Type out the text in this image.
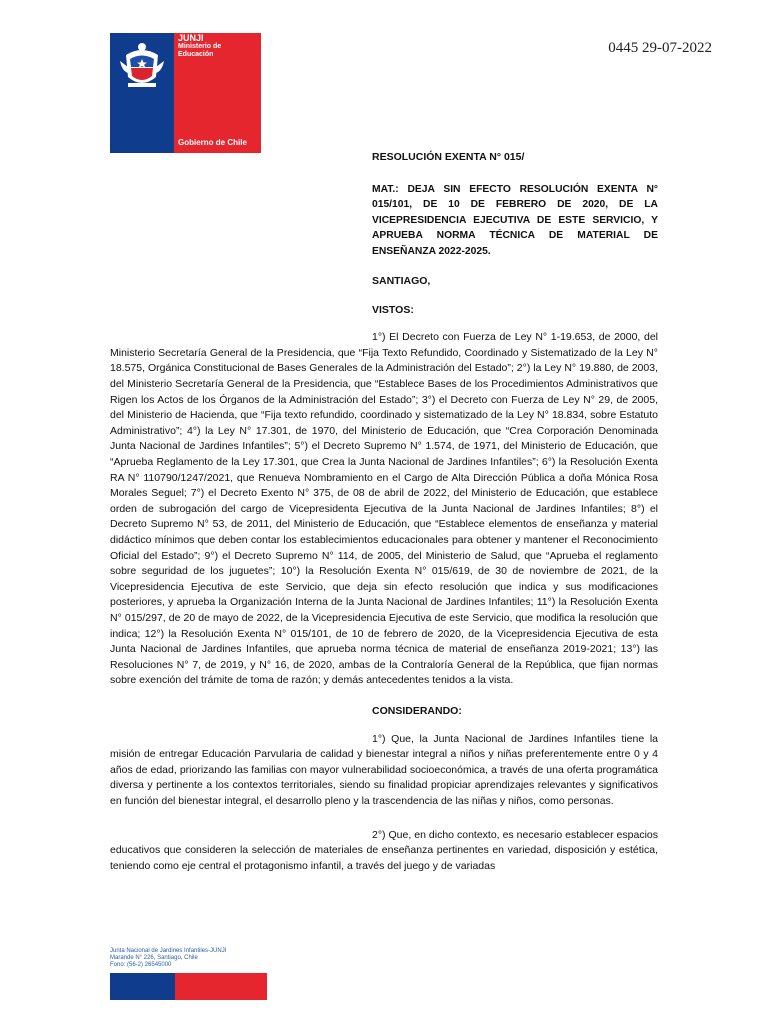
JUNJI
Ministerio de
Educación
Gobierno de Chile
0445 29-07-2022
RESOLUCIÓN EXENTA N° 015/
MAT.: DEJA SIN EFECTO RESOLUCIÓN EXENTA N° 015/101, DE 10 DE FEBRERO DE 2020, DE LA VICEPRESIDENCIA EJECUTIVA DE ESTE SERVICIO, Y APRUEBA NORMA TÉCNICA DE MATERIAL DE ENSEÑANZA 2022-2025.
SANTIAGO,
VISTOS:
1°) El Decreto con Fuerza de Ley N° 1-19.653, de 2000, del Ministerio Secretaría General de la Presidencia, que “Fija Texto Refundido, Coordinado y Sistematizado de la Ley N° 18.575, Orgánica Constitucional de Bases Generales de la Administración del Estado”; 2°) la Ley N° 19.880, de 2003, del Ministerio Secretaría General de la Presidencia, que “Establece Bases de los Procedimientos Administrativos que Rigen los Actos de los Órganos de la Administración del Estado”; 3°) el Decreto con Fuerza de Ley N° 29, de 2005, del Ministerio de Hacienda, que “Fija texto refundido, coordinado y sistematizado de la Ley N° 18.834, sobre Estatuto Administrativo”; 4°) la Ley N° 17.301, de 1970, del Ministerio de Educación, que “Crea Corporación Denominada Junta Nacional de Jardines Infantiles”; 5°) el Decreto Supremo N° 1.574, de 1971, del Ministerio de Educación, que “Aprueba Reglamento de la Ley 17.301, que Crea la Junta Nacional de Jardines Infantiles”; 6°) la Resolución Exenta RA N° 110790/1247/2021, que Renueva Nombramiento en el Cargo de Alta Dirección Pública a doña Mónica Rosa Morales Seguel; 7°) el Decreto Exento N° 375, de 08 de abril de 2022, del Ministerio de Educación, que establece orden de subrogación del cargo de Vicepresidenta Ejecutiva de la Junta Nacional de Jardines Infantiles; 8°) el Decreto Supremo N° 53, de 2011, del Ministerio de Educación, que “Establece elementos de enseñanza y material didáctico mínimos que deben contar los establecimientos educacionales para obtener y mantener el Reconocimiento Oficial del Estado”; 9°) el Decreto Supremo N° 114, de 2005, del Ministerio de Salud, que “Aprueba el reglamento sobre seguridad de los juguetes”; 10°) la Resolución Exenta N° 015/619, de 30 de noviembre de 2021, de la Vicepresidencia Ejecutiva de este Servicio, que deja sin efecto resolución que indica y sus modificaciones posteriores, y aprueba la Organización Interna de la Junta Nacional de Jardines Infantiles; 11°) la Resolución Exenta N° 015/297, de 20 de mayo de 2022, de la Vicepresidencia Ejecutiva de este Servicio, que modifica la resolución que indica; 12°) la Resolución Exenta N° 015/101, de 10 de febrero de 2020, de la Vicepresidencia Ejecutiva de esta Junta Nacional de Jardines Infantiles, que aprueba norma técnica de material de enseñanza 2019-2021; 13°) las Resoluciones N° 7, de 2019, y N° 16, de 2020, ambas de la Contraloría General de la República, que fijan normas sobre exención del trámite de toma de razón; y demás antecedentes tenidos a la vista.
CONSIDERANDO:
1°) Que, la Junta Nacional de Jardines Infantiles tiene la misión de entregar Educación Parvularia de calidad y bienestar integral a niños y niñas preferentemente entre 0 y 4 años de edad, priorizando las familias con mayor vulnerabilidad socioeconómica, a través de una oferta programática diversa y pertinente a los contextos territoriales, siendo su finalidad propiciar aprendizajes relevantes y significativos en función del bienestar integral, el desarrollo pleno y la trascendencia de las niñas y niños, como personas.
2°) Que, en dicho contexto, es necesario establecer espacios educativos que consideren la selección de materiales de enseñanza pertinentes en variedad, disposición y estética, teniendo como eje central el protagonismo infantil, a través del juego y de variadas
Junta Nacional de Jardines Infantiles-JUNJI
Marande N° 226, Santiago, Chile
Fono: (56-2) 26545000
